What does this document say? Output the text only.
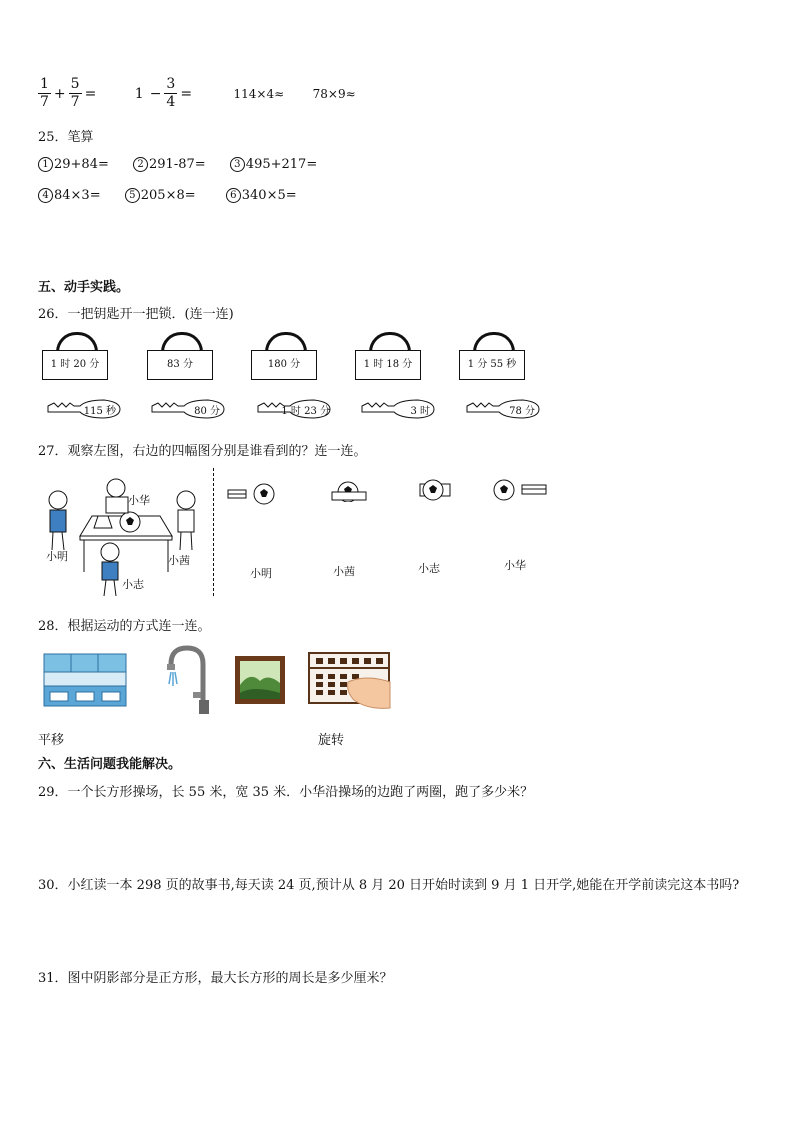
$\frac{1}{7} + \frac{5}{7}$ =	$1 - \frac{3}{4}$ =	114×4≈ 78×9≈
25．笔算
1 29+84=	2 291-87=	3 495+217=
4 84×3=	5 205×8=	6 340×5=
五、动手实践。
26．一把钥匙开一把锁．(连一连)
1 时 20 分	83 分	180 分	1 时 18 分	1 分 55 秒
115 秒	80 分	1 时 23 分	3 时	78 分
27．观察左图，右边的四幅图分别是谁看到的？连一连。
小华
小明	小茜
小志
小明	小茜	小志	小华
28．根据运动的方式连一连。
平移	旋转
六、生活问题我能解决。
29．一个长方形操场，长 55 米，宽 35 米．小华沿操场的边跑了两圈，跑了多少米？
30．小红读一本 298 页的故事书,每天读 24 页,预计从 8 月 20 日开始时读到 9 月 1 日开学,她能在开学前读完这本书吗?
31．图中阴影部分是正方形，最大长方形的周长是多少厘米？
